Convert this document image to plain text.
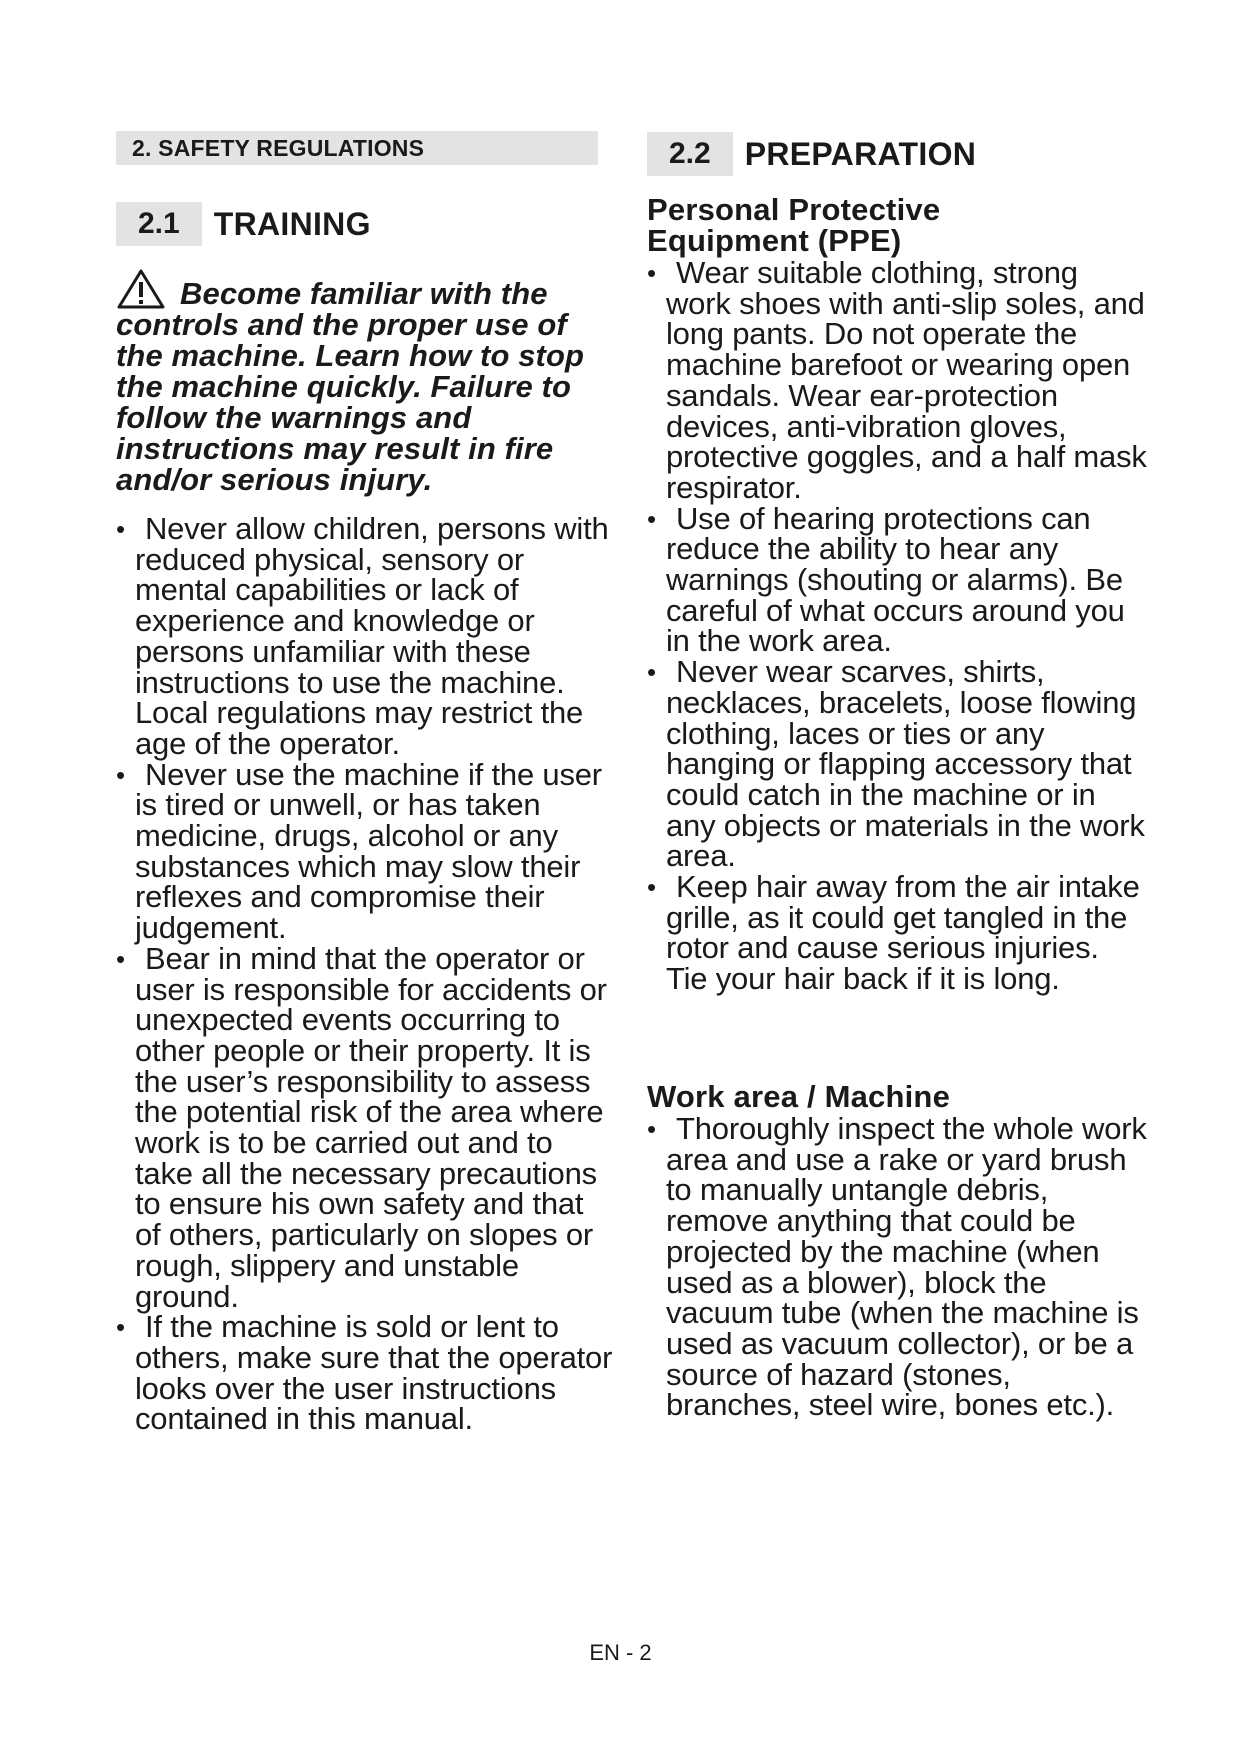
2. SAFETY REGULATIONS
2.1	TRAINING
Become familiar with the controls and the proper use of the machine. Learn how to stop the machine quickly. Failure to follow the warnings and instructions may result in fire and/or serious injury.
• Never allow children, persons with reduced physical, sensory or mental capabilities or lack of experience and knowledge or persons unfamiliar with these instructions to use the machine. Local regulations may restrict the age of the operator.
• Never use the machine if the user is tired or unwell, or has taken medicine, drugs, alcohol or any substances which may slow their reflexes and compromise their judgement.
• Bear in mind that the operator or user is responsible for accidents or unexpected events occurring to other people or their property. It is the user’s responsibility to assess the potential risk of the area where work is to be carried out and to take all the necessary precautions to ensure his own safety and that of others, particularly on slopes or rough, slippery and unstable ground.
• If the machine is sold or lent to others, make sure that the operator looks over the user instructions contained in this manual.
2.2	PREPARATION
Personal Protective Equipment (PPE)
• Wear suitable clothing, strong work shoes with anti-slip soles, and long pants. Do not operate the machine barefoot or wearing open sandals. Wear ear-protection devices, anti-vibration gloves, protective goggles, and a half mask respirator.
• Use of hearing protections can reduce the ability to hear any warnings (shouting or alarms). Be careful of what occurs around you in the work area.
• Never wear scarves, shirts, necklaces, bracelets, loose flowing clothing, laces or ties or any hanging or flapping accessory that could catch in the machine or in any objects or materials in the work area.
• Keep hair away from the air intake grille, as it could get tangled in the rotor and cause serious injuries. Tie your hair back if it is long.
Work area / Machine
• Thoroughly inspect the whole work area and use a rake or yard brush to manually untangle debris, remove anything that could be projected by the machine (when used as a blower), block the vacuum tube (when the machine is used as vacuum collector), or be a source of hazard (stones, branches, steel wire, bones etc.).
EN - 2
